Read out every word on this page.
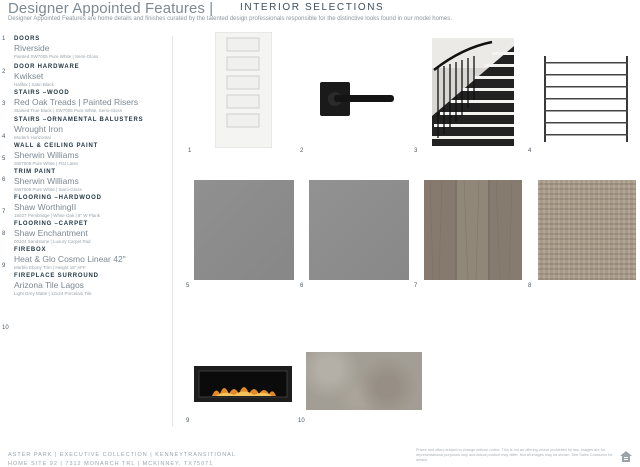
Designer Appointed Features |	INTERIOR SELECTIONS
Designer Appointed Features are home details and finishes curated by the talented design professionals responsible for the distinctive looks found in our model homes.
1 DOORS
Riverside
Painted SW7005 Pure White | Semi-Gloss
2
DOOR HARDWARE
Kwikset
Halifax | Satin Black
3
STAIRS –WOOD
Red Oak Treads | Painted Risers
Stained True Black | SW7005 Pure White, Semi-Gloss
4
STAIRS –ORNAMENTAL BALUSTERS
Wrought Iron
Modern Horizontal
5
WALL & CEILING PAINT
Sherwin Williams
SW7005 Pure White | Flat Latex
6
TRIM PAINT
Sherwin Williams
SW7005 Pure White | Semi-Gloss
7
FLOORING –HARDWOOD
Shaw WorthingII
15027 Pembridge | White Oak | 8" W Plank
8
FLOORING –CARPET
Shaw Enchantment
00104 Sandstone | Luxury Carpet Pad
9
FIREBOX
Heat & Glo Cosmo Linear 42"
Marble Ebony Trim | Height 18" AFF
10
FIREPLACE SURROUND
Arizona Tile Lagos
Light Grey Matte | 12x24 Porcelain Tile
1	2	3	4
5	6	7	8
9	10
ASTER PARK | EXECUTIVE COLLECTION | KENNEYTRANSITIONAL
HOME SITE 92 | 7312 MONARCH TRL | MCKINNEY, TX75071
Prices and offers subject to change without notice. This is not an offering where prohibited by law. Images are for representational purposes only and actual product may differ. Not all images may be shown. See Sales Counselor for details.
